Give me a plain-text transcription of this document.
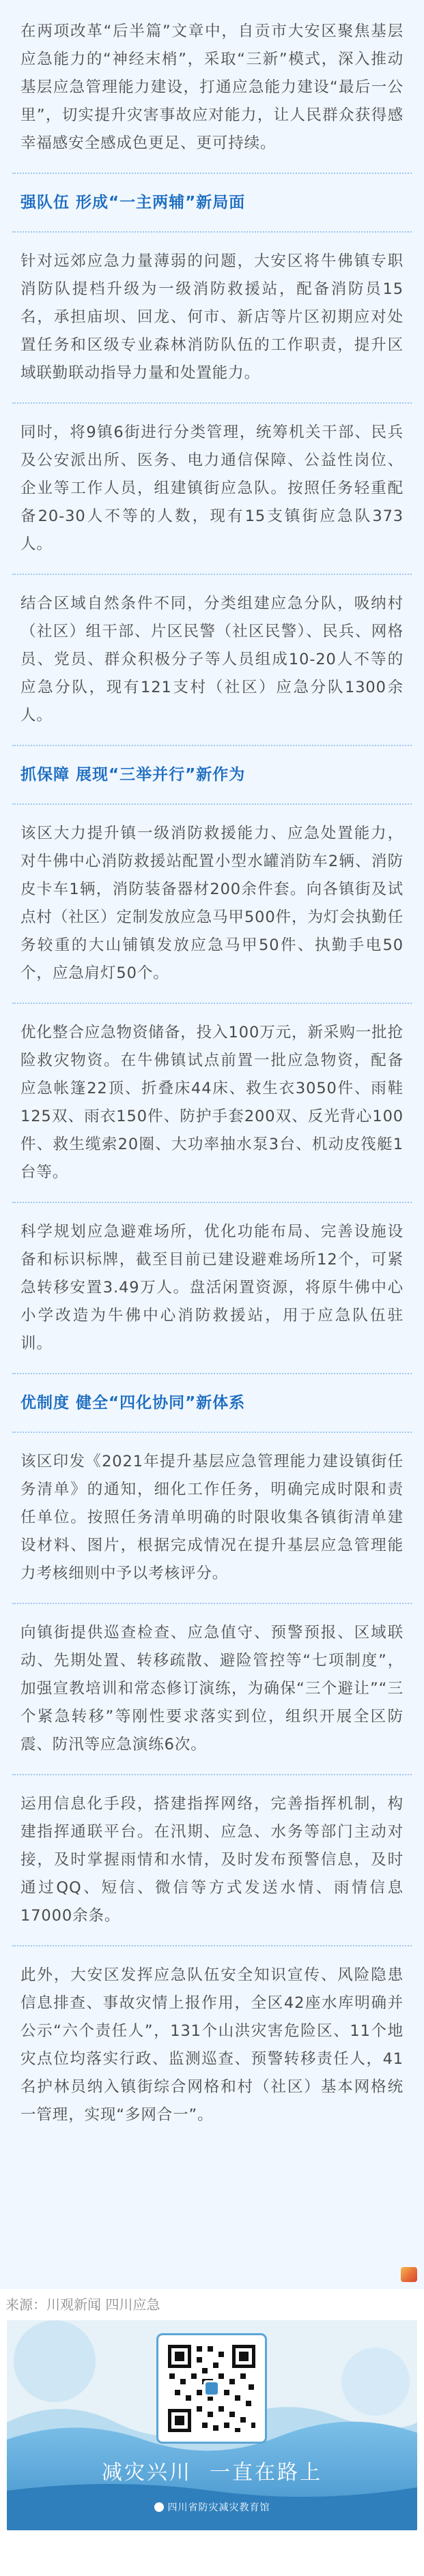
在两项改革“后半篇”文章中，自贡市大安区聚焦基层应急能力的“神经末梢”，采取“三新”模式，深入推动基层应急管理能力建设，打通应急能力建设“最后一公里”，切实提升灾害事故应对能力，让人民群众获得感幸福感安全感成色更足、更可持续。

强队伍 形成“一主两辅”新局面

针对远郊应急力量薄弱的问题，大安区将牛佛镇专职消防队提档升级为一级消防救援站，配备消防员15名，承担庙坝、回龙、何市、新店等片区初期应对处置任务和区级专业森林消防队伍的工作职责，提升区域联勤联动指导力量和处置能力。

同时，将9镇6街进行分类管理，统筹机关干部、民兵及公安派出所、医务、电力通信保障、公益性岗位、企业等工作人员，组建镇街应急队。按照任务轻重配备20-30人不等的人数，现有15支镇街应急队373人。

结合区域自然条件不同，分类组建应急分队，吸纳村（社区）组干部、片区民警（社区民警）、民兵、网格员、党员、群众积极分子等人员组成10-20人不等的应急分队，现有121支村（社区）应急分队1300余人。

抓保障 展现“三举并行”新作为

该区大力提升镇一级消防救援能力、应急处置能力，对牛佛中心消防救援站配置小型水罐消防车2辆、消防皮卡车1辆，消防装备器材200余件套。向各镇街及试点村（社区）定制发放应急马甲500件，为灯会执勤任务较重的大山铺镇发放应急马甲50件、执勤手电50个，应急肩灯50个。

优化整合应急物资储备，投入100万元，新采购一批抢险救灾物资。在牛佛镇试点前置一批应急物资，配备应急帐篷22顶、折叠床44床、救生衣3050件、雨鞋125双、雨衣150件、防护手套200双、反光背心100件、救生缆索20圈、大功率抽水泵3台、机动皮筏艇1台等。

科学规划应急避难场所，优化功能布局、完善设施设备和标识标牌，截至目前已建设避难场所12个，可紧急转移安置3.49万人。盘活闲置资源，将原牛佛中心小学改造为牛佛中心消防救援站，用于应急队伍驻训。

优制度 健全“四化协同”新体系

该区印发《2021年提升基层应急管理能力建设镇街任务清单》的通知，细化工作任务，明确完成时限和责任单位。按照任务清单明确的时限收集各镇街清单建设材料、图片，根据完成情况在提升基层应急管理能力考核细则中予以考核评分。

向镇街提供巡查检查、应急值守、预警预报、区域联动、先期处置、转移疏散、避险管控等“七项制度”，加强宣教培训和常态修订演练，为确保“三个避让”“三个紧急转移”等刚性要求落实到位，组织开展全区防震、防汛等应急演练6次。

运用信息化手段，搭建指挥网络，完善指挥机制，构建指挥通联平台。在汛期、应急、水务等部门主动对接，及时掌握雨情和水情，及时发布预警信息，及时通过QQ、短信、微信等方式发送水情、雨情信息17000余条。

此外，大安区发挥应急队伍安全知识宣传、风险隐患信息排查、事故灾情上报作用，全区42座水库明确并公示“六个责任人”，131个山洪灾害危险区、11个地灾点位均落实行政、监测巡查、预警转移责任人，41名护林员纳入镇街综合网格和村（社区）基本网格统一管理，实现“多网合一”。

来源：川观新闻 四川应急
减灾兴川 一直在路上
四川省防灾减灾教育馆
